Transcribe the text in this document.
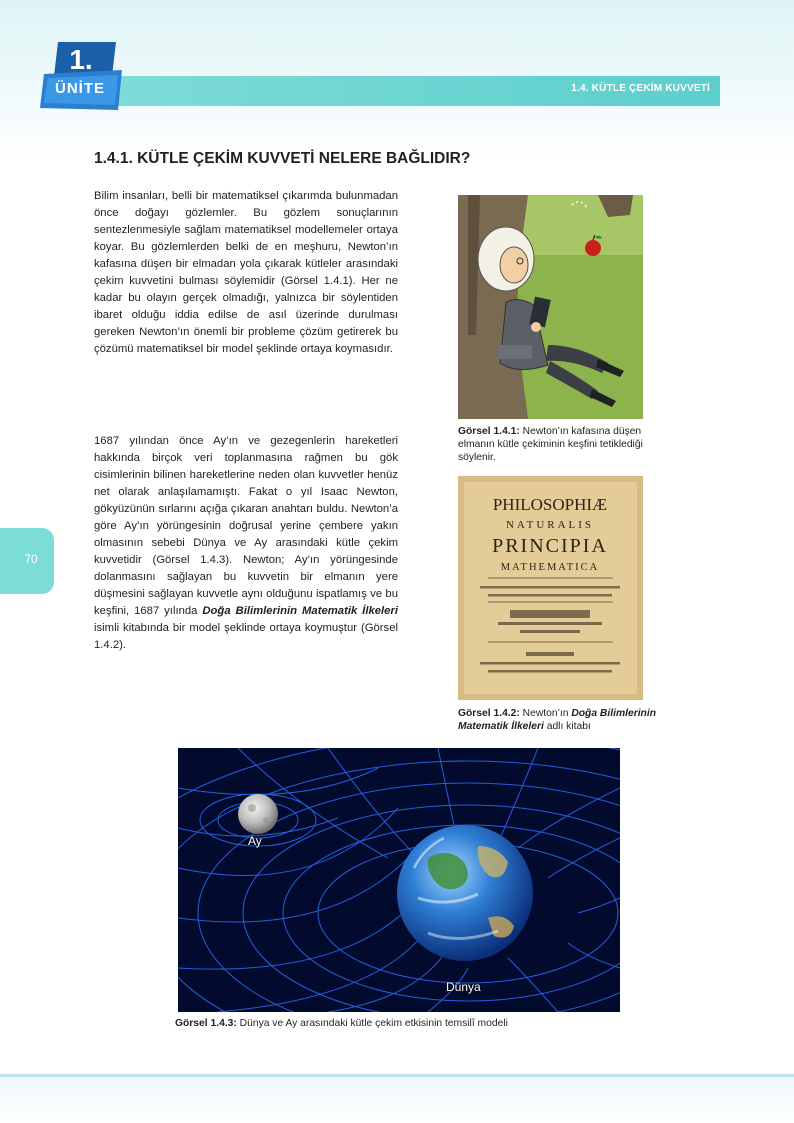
1.4. KÜTLE ÇEKİM KUVVETİ
1.
ÜNİTE
70
1.4.1. KÜTLE ÇEKİM KUVVETİ NELERE BAĞLIDIR?

Bilim insanları, belli bir matematiksel çıkarımda bulunmadan önce doğayı gözlemler. Bu gözlem sonuçlarının sentezlenmesiyle sağlam matematiksel modellemeler ortaya koyar. Bu gözlemlerden belki de en meşhuru, Newton’ın kafasına düşen bir elmadan yola çıkarak kütleler arasındaki çekim kuvvetini bulması söylemidir (Görsel 1.4.1). Her ne kadar bu olayın gerçek olmadığı, yalnızca bir söylentiden ibaret olduğu iddia edilse de asıl üzerinde durulması gereken Newton’ın önemli bir probleme çözüm getirerek bu çözümü matematiksel bir model şeklinde ortaya koymasıdır.

1687 yılından önce Ay’ın ve gezegenlerin hareketleri hakkında birçok veri toplanmasına rağmen bu gök cisimlerinin bilinen hareketlerine neden olan kuvvetler henüz net olarak anlaşılamamıştı. Fakat o yıl Isaac Newton, gökyüzünün sırlarını açığa çıkaran anahtarı buldu. Newton’a göre Ay’ın yörüngesinin doğrusal yerine çembere yakın olmasının sebebi Dünya ve Ay arasındaki kütle çekim kuvvetidir (Görsel 1.4.3). Newton; Ay’ın yörüngesinde dolanmasını sağlayan bu kuvvetin bir elmanın yere düşmesini sağlayan kuvvetle aynı olduğunu ispatlamış ve bu keşfini, 1687 yılında Doğa Bilimlerinin Matematik İlkeleri isimli kitabında bir model şeklinde ortaya koymuştur (Görsel 1.4.2).

Görsel 1.4.1: Newton’ın kafasına düşen elmanın kütle çekiminin keşfini tetiklediği söylenir.

PHILOSOPHIÆ
NATURALIS
PRINCIPIA
MATHEMATICA

Görsel 1.4.2: Newton’ın Doğa Bilimlerinin Matematik İlkeleri adlı kitabı

Ay
Dünya

Görsel 1.4.3: Dünya ve Ay arasındaki kütle çekim etkisinin temsilî modeli
